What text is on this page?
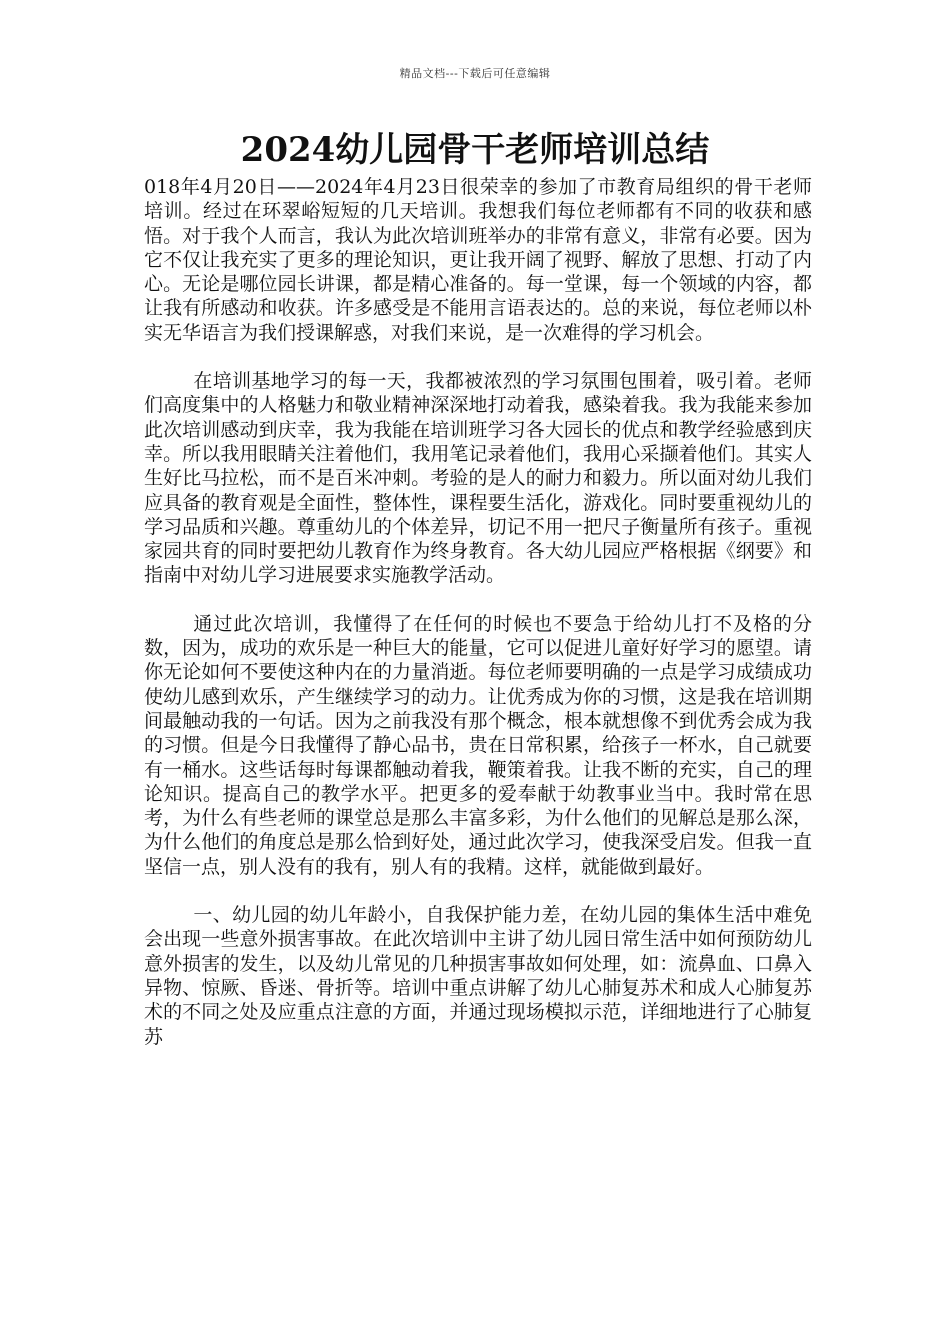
精品文档---下载后可任意编辑
2024幼儿园骨干老师培训总结

018年4月20日——2024年4月23日很荣幸的参加了市教育局组织的骨干老师培训。经过在环翠峪短短的几天培训。我想我们每位老师都有不同的收获和感悟。对于我个人而言，我认为此次培训班举办的非常有意义，非常有必要。因为它不仅让我充实了更多的理论知识，更让我开阔了视野、解放了思想、打动了内心。无论是哪位园长讲课，都是精心准备的。每一堂课，每一个领域的内容，都让我有所感动和收获。许多感受是不能用言语表达的。总的来说，每位老师以朴实无华语言为我们授课解惑，对我们来说，是一次难得的学习机会。

在培训基地学习的每一天，我都被浓烈的学习氛围包围着，吸引着。老师们高度集中的人格魅力和敬业精神深深地打动着我，感染着我。我为我能来参加此次培训感动到庆幸，我为我能在培训班学习各大园长的优点和教学经验感到庆幸。所以我用眼睛关注着他们，我用笔记录着他们，我用心采撷着他们。其实人生好比马拉松，而不是百米冲刺。考验的是人的耐力和毅力。所以面对幼儿我们应具备的教育观是全面性，整体性，课程要生活化，游戏化。同时要重视幼儿的学习品质和兴趣。尊重幼儿的个体差异，切记不用一把尺子衡量所有孩子。重视家园共育的同时要把幼儿教育作为终身教育。各大幼儿园应严格根据《纲要》和指南中对幼儿学习进展要求实施教学活动。

通过此次培训，我懂得了在任何的时候也不要急于给幼儿打不及格的分数，因为，成功的欢乐是一种巨大的能量，它可以促进儿童好好学习的愿望。请你无论如何不要使这种内在的力量消逝。每位老师要明确的一点是学习成绩成功使幼儿感到欢乐，产生继续学习的动力。让优秀成为你的习惯，这是我在培训期间最触动我的一句话。因为之前我没有那个概念，根本就想像不到优秀会成为我的习惯。但是今日我懂得了静心品书，贵在日常积累，给孩子一杯水，自己就要有一桶水。这些话每时每课都触动着我，鞭策着我。让我不断的充实，自己的理论知识。提高自己的教学水平。把更多的爱奉献于幼教事业当中。我时常在思考，为什么有些老师的课堂总是那么丰富多彩，为什么他们的见解总是那么深，为什么他们的角度总是那么恰到好处，通过此次学习，使我深受启发。但我一直坚信一点，别人没有的我有，别人有的我精。这样，就能做到最好。

一、幼儿园的幼儿年龄小，自我保护能力差，在幼儿园的集体生活中难免会出现一些意外损害事故。在此次培训中主讲了幼儿园日常生活中如何预防幼儿意外损害的发生，以及幼儿常见的几种损害事故如何处理，如：流鼻血、口鼻入异物、惊厥、昏迷、骨折等。培训中重点讲解了幼儿心肺复苏术和成人心肺复苏术的不同之处及应重点注意的方面，并通过现场模拟示范，详细地进行了心肺复苏
